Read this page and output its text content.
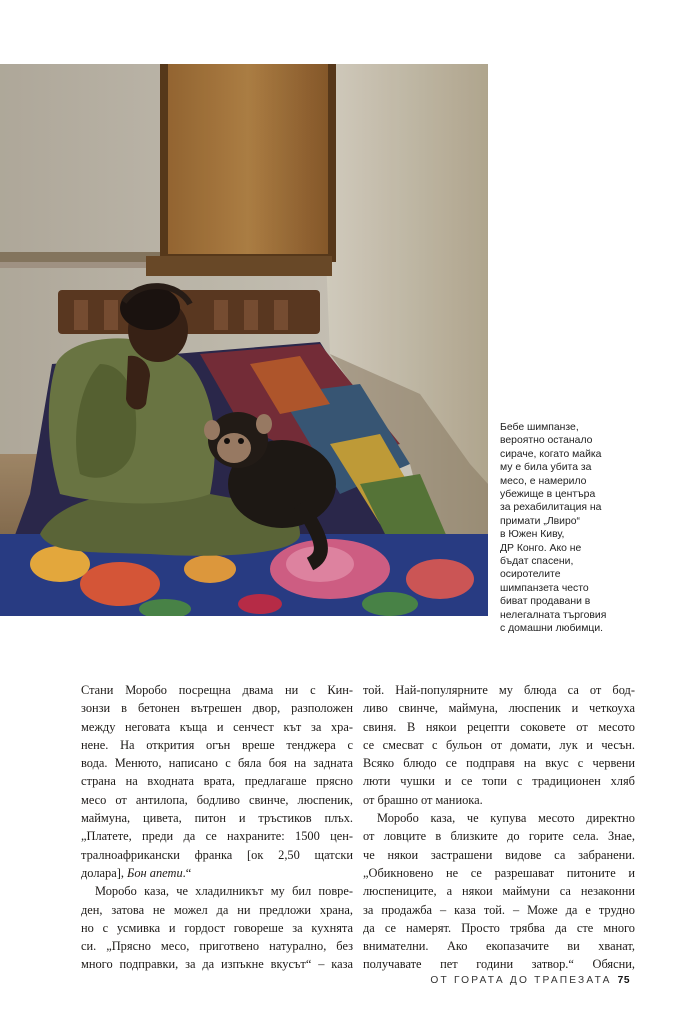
Бебе шимпанзе,
вероятно останало
сираче, когато майка
му е била убита за
месо, е намерило
убежище в центъра
за рехабилитация на
примати „Лвиро“
в Южен Киву,
ДР Конго. Ако не
бъдат спасени,
осиротелите
шимпанзета често
биват продавани в
нелегалната търговия
с домашни любимци.
Стани Моробо посрещна двама ни с Кин-
зонзи в бетонен вътрешен двор, разположен
между неговата къща и сенчест кът за хра-
нене. На открития огън вреше тенджера с
вода. Менюто, написано с бяла боя на задната
страна на входната врата, предлагаше прясно
месо от антилопа, бодливо свинче, люспеник,
маймуна, цивета, питон и тръстиков плъх.
„Платете, преди да се нахраните: 1500 цен-
тралноафрикански франка [ок 2,50 щатски
долара], Бон апети.“
Моробо каза, че хладилникът му бил повре-
ден, затова не можел да ни предложи храна,
но с усмивка и гордост говореше за кухнята
си. „Прясно месо, приготвено натурално, без
много подправки, за да изпъкне вкусът“ – каза
той. Най-популярните му блюда са от бод-
ливо свинче, маймуна, люспеник и четкоуха
свиня. В някои рецепти соковете от месото
се смесват с бульон от домати, лук и чесън.
Всяко блюдо се подправя на вкус с червени
люти чушки и се топи с традиционен хляб
от брашно от маниока.
Моробо каза, че купува месото директно
от ловците в близките до горите села. Знае,
че някои застрашени видове са забранени.
„Обикновено не се разрешават питоните и
люспениците, а някои маймуни са незаконни
за продажба – каза той. – Може да е трудно
да се намерят. Просто трябва да сте много
внимателни. Ако екопазачите ви хванат,
получавате пет години затвор.“ Обясни,
ОТ ГОРАТА ДО ТРАПЕЗАТА 75
